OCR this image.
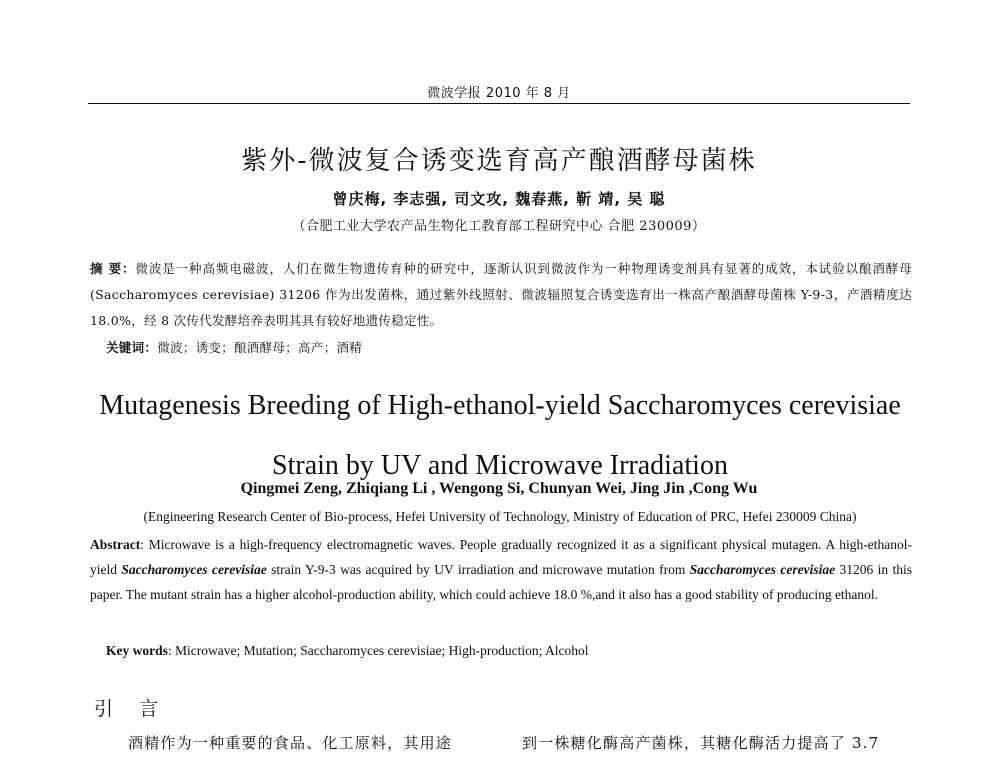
微波学报 2010 年 8 月
紫外-微波复合诱变选育高产酿酒酵母菌株
曾庆梅, 李志强, 司文攻, 魏春燕, 靳 靖, 吴 聪
（合肥工业大学农产品生物化工教育部工程研究中心 合肥 230009）
摘 要：微波是一种高频电磁波，人们在微生物遗传育种的研究中，逐渐认识到微波作为一种物理诱变剂具有显著的成效，本试验以酿酒酵母(Saccharomyces cerevisiae) 31206 作为出发菌株，通过紫外线照射、微波辐照复合诱变选育出一株高产酿酒酵母菌株 Y-9-3，产酒精度达 18.0%，经 8 次传代发酵培养表明其具有较好地遗传稳定性。
关键词：微波；诱变；酿酒酵母；高产；酒精
Mutagenesis Breeding of High-ethanol-yield Saccharomyces cerevisiae
Strain by UV and Microwave Irradiation
Qingmei Zeng, Zhiqiang Li , Wengong Si, Chunyan Wei, Jing Jin ,Cong Wu
(Engineering Research Center of Bio-process, Hefei University of Technology, Ministry of Education of PRC, Hefei 230009 China)
Abstract: Microwave is a high-frequency electromagnetic waves. People gradually recognized it as a significant physical mutagen. A high-ethanol-yield Saccharomyces cerevisiae strain Y-9-3 was acquired by UV irradiation and microwave mutation from Saccharomyces cerevisiae 31206 in this paper. The mutant strain has a higher alcohol-production ability, which could achieve 18.0 %,and it also has a good stability of producing ethanol.
Key words: Microwave; Mutation; Saccharomyces cerevisiae; High-production; Alcohol
引 言
酒精作为一种重要的食品、化工原料，其用途	到一株糖化酶高产菌株，其糖化酶活力提高了 3.7
